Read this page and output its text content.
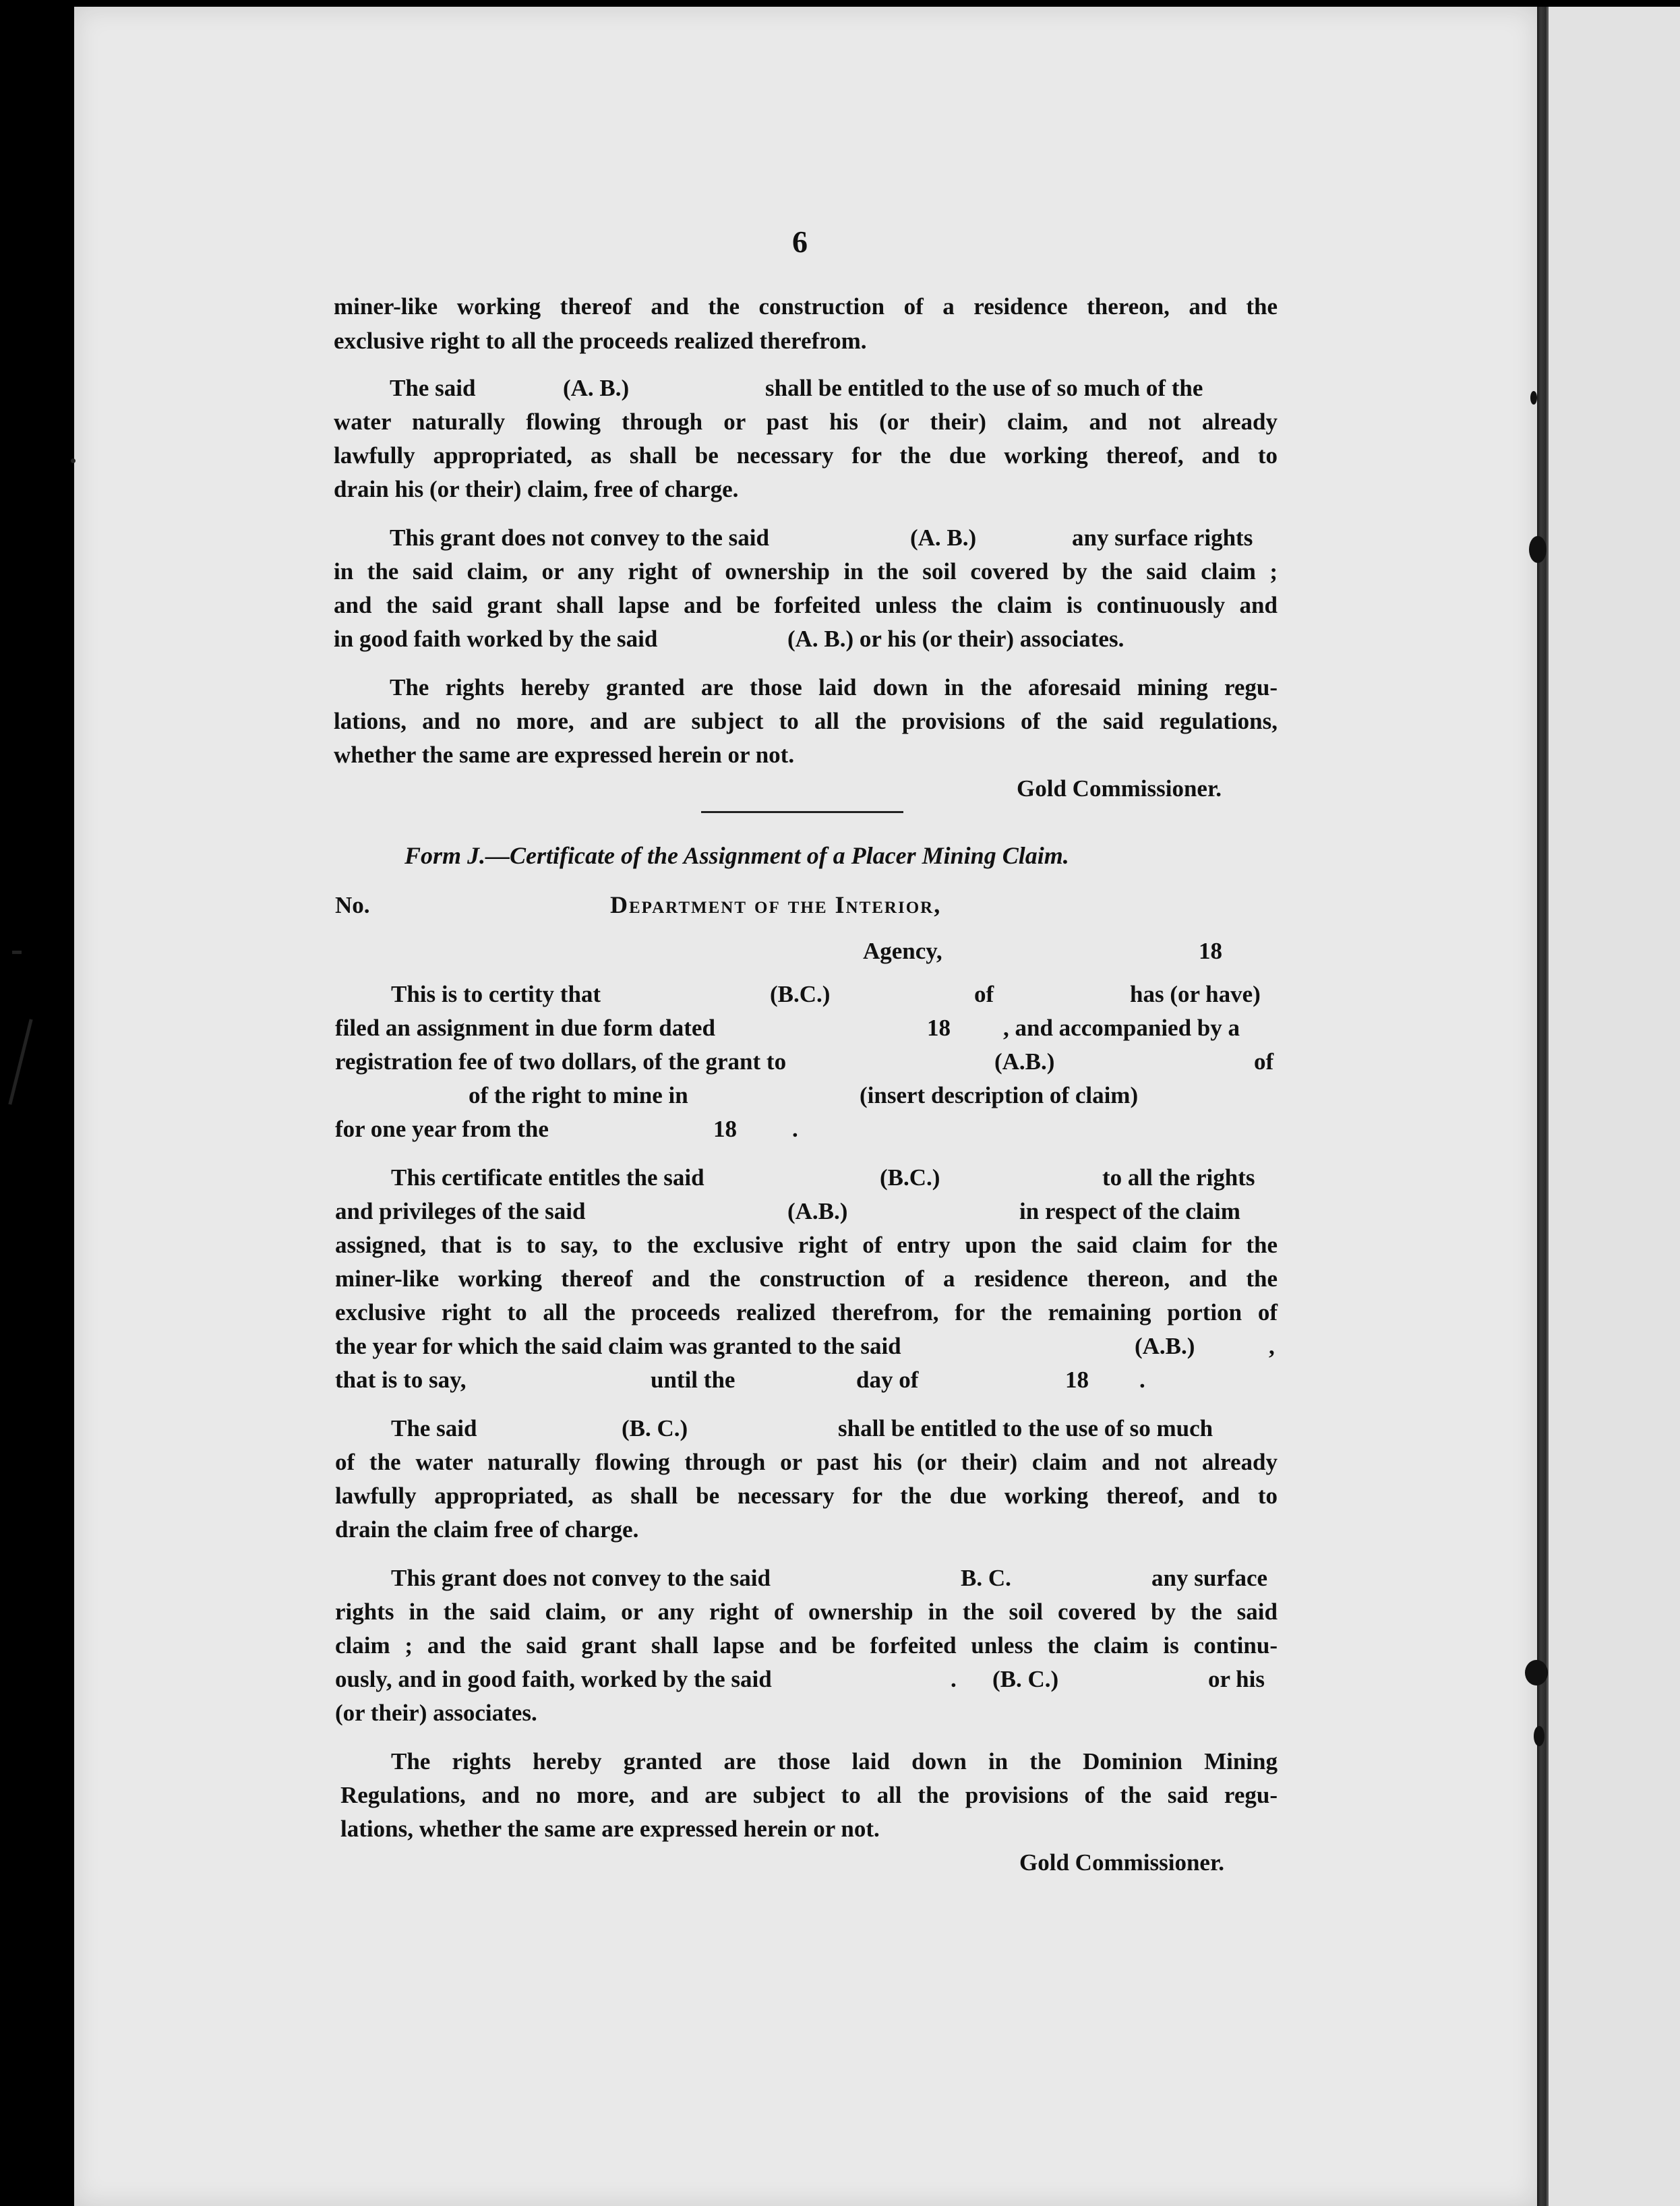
6
miner-like working thereof and the construction of a residence thereon, and the
exclusive right to all the proceeds realized therefrom.
The said	(A. B.)	shall be entitled to the use of so much of the
water naturally flowing through or past his (or their) claim, and not already
lawfully appropriated, as shall be necessary for the due working thereof, and to
drain his (or their) claim, free of charge.
This grant does not convey to the said	(A. B.)	any surface rights
in the said claim, or any right of ownership in the soil covered by the said claim ;
and the said grant shall lapse and be forfeited unless the claim is continuously and
in good faith worked by the said	(A. B.) or his (or their) associates.
The rights hereby granted are those laid down in the aforesaid mining regu-
lations, and no more, and are subject to all the provisions of the said regulations,
whether the same are expressed herein or not.
Gold Commissioner.
Form J.—Certificate of the Assignment of a Placer Mining Claim.
No.	Department of the Interior,
Agency,	18
This is to certity that	(B.C.)	of	has (or have)
filed an assignment in due form dated	18 , and accompanied by a
registration fee of two dollars, of the grant to	(A.B.)	of
of the right to mine in	(insert description of claim)
for one year from the	18 .
This certificate entitles the said	(B.C.)	to all the rights
and privileges of the said	(A.B.)	in respect of the claim
assigned, that is to say, to the exclusive right of entry upon the said claim for the
miner-like working thereof and the construction of a residence thereon, and the
exclusive right to all the proceeds realized therefrom, for the remaining portion of
the year for which the said claim was granted to the said	(A.B.)	,
that is to say,	until the	day of	18 .
The said	(B. C.)	shall be entitled to the use of so much
of the water naturally flowing through or past his (or their) claim and not already
lawfully appropriated, as shall be necessary for the due working thereof, and to
drain the claim free of charge.
This grant does not convey to the said	B. C.	any surface
rights in the said claim, or any right of ownership in the soil covered by the said
claim ; and the said grant shall lapse and be forfeited unless the claim is continu-
ously, and in good faith, worked by the said	. (B. C.)	or his
(or their) associates.
The rights hereby granted are those laid down in the Dominion Mining
Regulations, and no more, and are subject to all the provisions of the said regu-
lations, whether the same are expressed herein or not.
Gold Commissioner.
